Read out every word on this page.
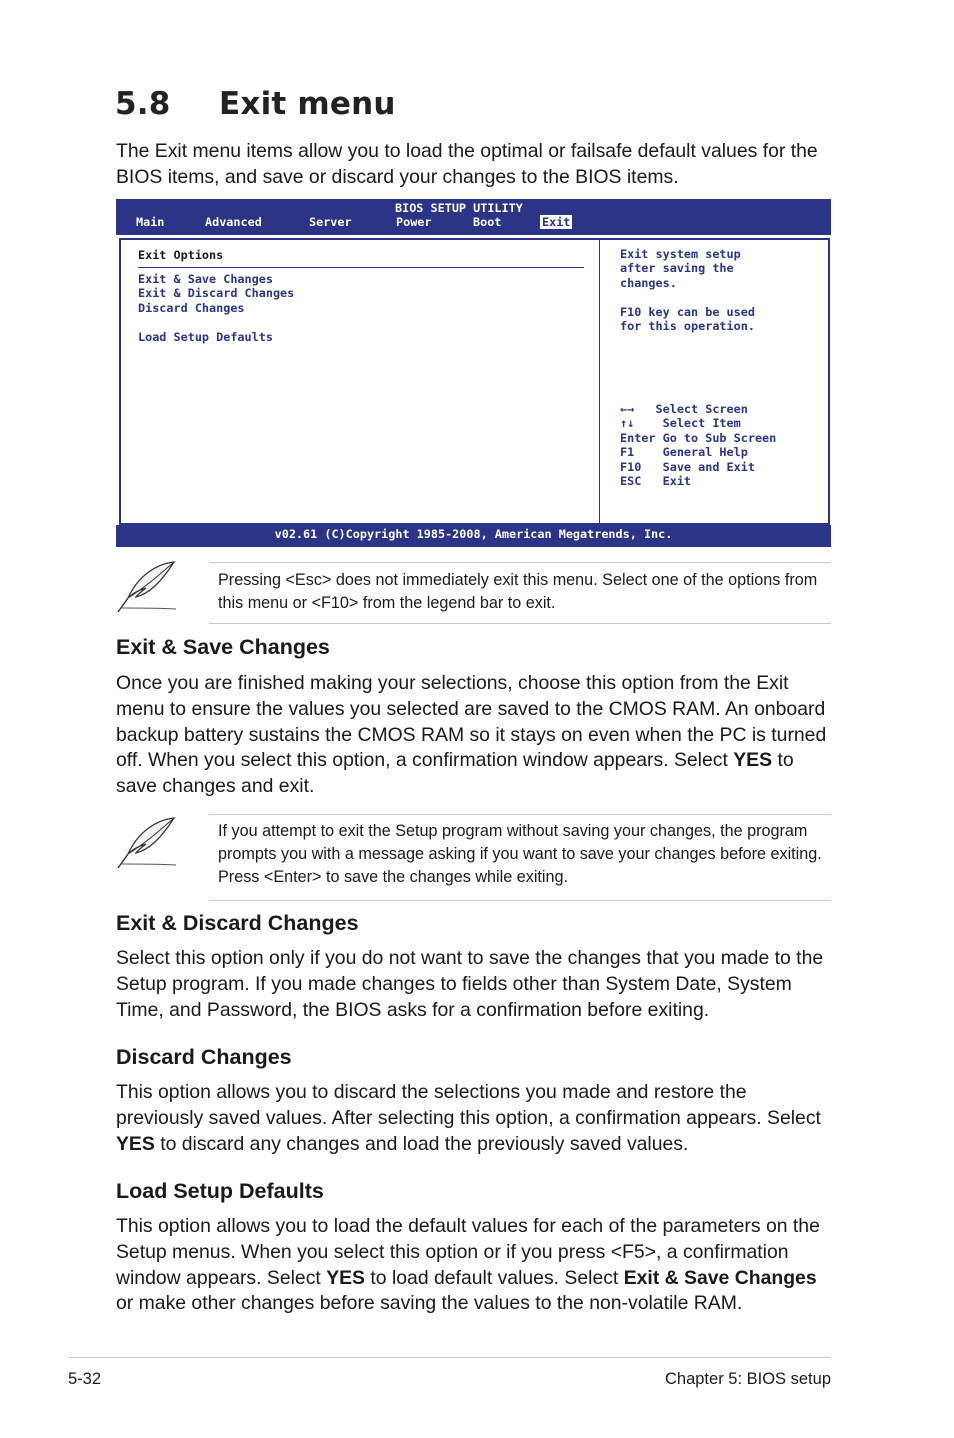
5.8 Exit menu
The Exit menu items allow you to load the optimal or failsafe default values for the BIOS items, and save or discard your changes to the BIOS items.
BIOS SETUP UTILITY
Main	Advanced	Server	Power	Boot	Exit
Exit Options
Exit & Save Changes
Exit & Discard Changes
Discard Changes
Load Setup Defaults
Exit system setup
after saving the
changes.

F10 key can be used
for this operation.
←→   Select Screen
↑↓    Select Item
Enter Go to Sub Screen
F1    General Help
F10   Save and Exit
ESC   Exit
v02.61 (C)Copyright 1985-2008, American Megatrends, Inc.
Pressing <Esc> does not immediately exit this menu. Select one of the options from this menu or <F10> from the legend bar to exit.
Exit & Save Changes
Once you are finished making your selections, choose this option from the Exit menu to ensure the values you selected are saved to the CMOS RAM. An onboard backup battery sustains the CMOS RAM so it stays on even when the PC is turned off. When you select this option, a confirmation window appears. Select YES to save changes and exit.
If you attempt to exit the Setup program without saving your changes, the program prompts you with a message asking if you want to save your changes before exiting. Press <Enter> to save the changes while exiting.
Exit & Discard Changes
Select this option only if you do not want to save the changes that you made to the Setup program. If you made changes to fields other than System Date, System Time, and Password, the BIOS asks for a confirmation before exiting.
Discard Changes
This option allows you to discard the selections you made and restore the previously saved values. After selecting this option, a confirmation appears. Select YES to discard any changes and load the previously saved values.
Load Setup Defaults
This option allows you to load the default values for each of the parameters on the Setup menus. When you select this option or if you press <F5>, a confirmation window appears. Select YES to load default values. Select Exit & Save Changes or make other changes before saving the values to the non-volatile RAM.
5-32	Chapter 5: BIOS setup
